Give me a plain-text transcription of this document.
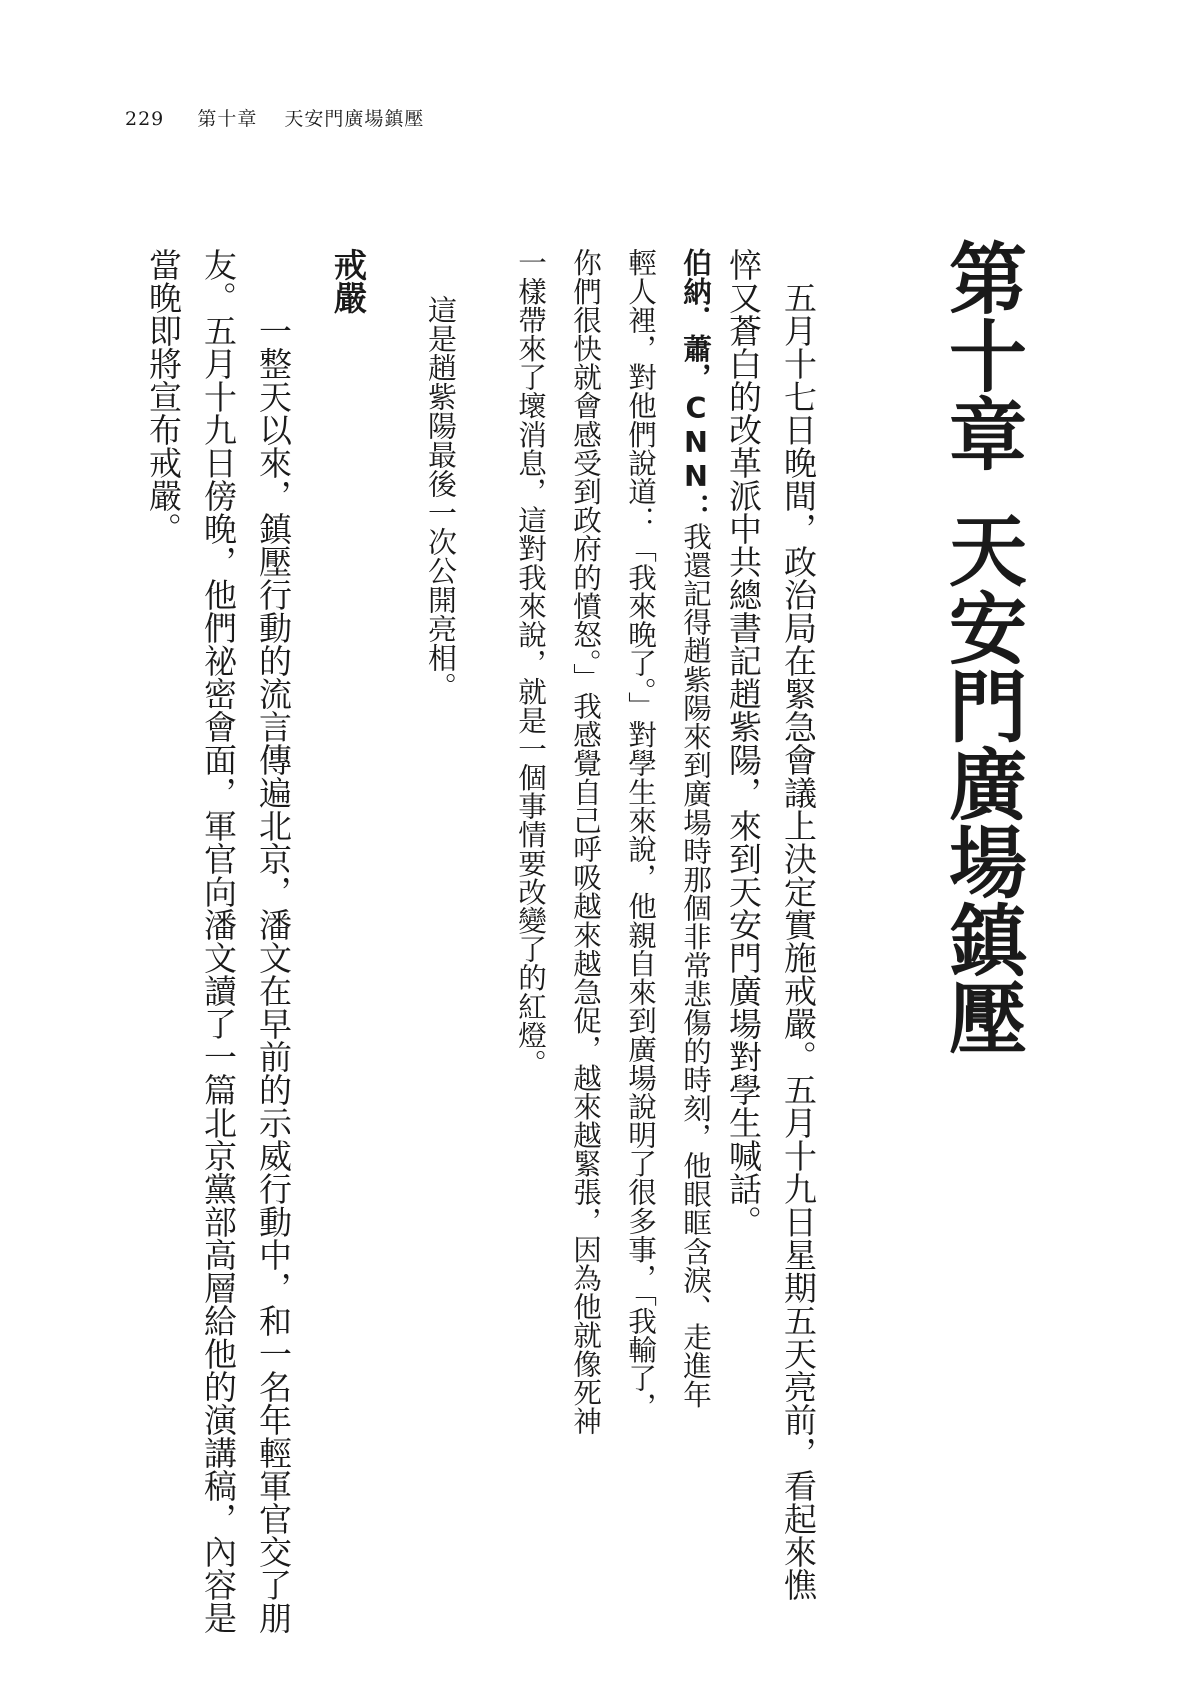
229 第十章 天安門廣場鎮壓
第十章天安門廣場鎮壓
五月十七日晚間，政治局在緊急會議上決定實施戒嚴。五月十九日星期五天亮前，看起來憔 悴又蒼白的改革派中共總書記趙紫陽，來到天安門廣場對學生喊話。
伯納．蕭，CNN：我還記得趙紫陽來到廣場時那個非常悲傷的時刻，他眼眶含淚、走進年 輕人裡，對他們說道：「我來晚了。」對學生來說，他親自來到廣場說明了很多事，「我輸了， 你們很快就會感受到政府的憤怒。」我感覺自己呼吸越來越急促，越來越緊張，因為他就像死神 一樣帶來了壞消息，這對我來說，就是一個事情要改變了的紅燈。
這是趙紫陽最後一次公開亮相。
戒嚴
一整天以來，鎮壓行動的流言傳遍北京，潘文在早前的示威行動中，和一名年輕軍官交了朋 友。五月十九日傍晚，他們祕密會面，軍官向潘文讀了一篇北京黨部高層給他的演講稿，內容是 當晚即將宣布戒嚴。
